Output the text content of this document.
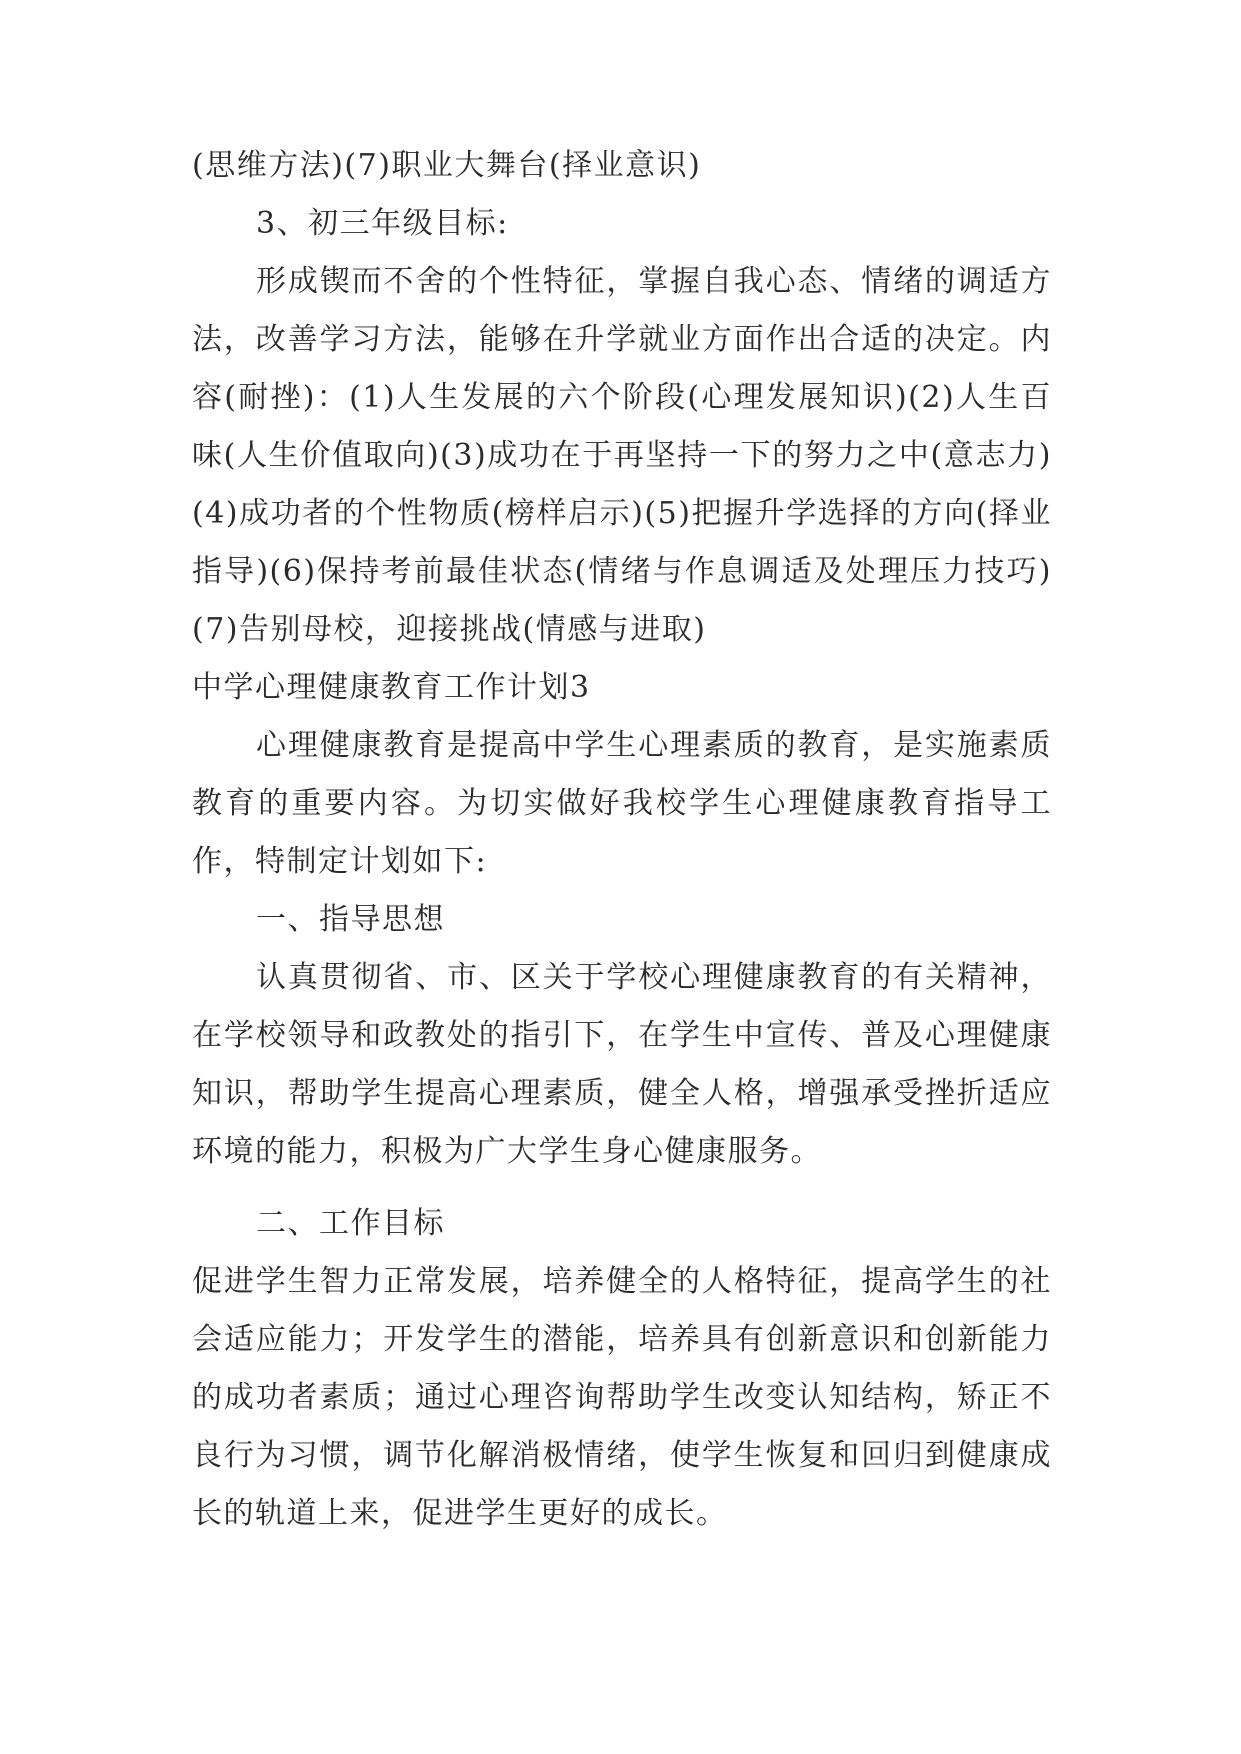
(思维方法)(7)职业大舞台(择业意识)

3、初三年级目标:

形成锲而不舍的个性特征，掌握自我心态、情绪的调适方法，改善学习方法，能够在升学就业方面作出合适的决定。内容(耐挫)：(1)人生发展的六个阶段(心理发展知识)(2)人生百味(人生价值取向)(3)成功在于再坚持一下的努力之中(意志力)(4)成功者的个性物质(榜样启示)(5)把握升学选择的方向(择业指导)(6)保持考前最佳状态(情绪与作息调适及处理压力技巧)(7)告别母校，迎接挑战(情感与进取)

中学心理健康教育工作计划3

心理健康教育是提高中学生心理素质的教育，是实施素质教育的重要内容。为切实做好我校学生心理健康教育指导工作，特制定计划如下:

一、指导思想

认真贯彻省、市、区关于学校心理健康教育的有关精神，在学校领导和政教处的指引下，在学生中宣传、普及心理健康知识，帮助学生提高心理素质，健全人格，增强承受挫折适应环境的能力，积极为广大学生身心健康服务。

二、工作目标

促进学生智力正常发展，培养健全的人格特征，提高学生的社会适应能力；开发学生的潜能，培养具有创新意识和创新能力的成功者素质；通过心理咨询帮助学生改变认知结构，矫正不良行为习惯，调节化解消极情绪，使学生恢复和回归到健康成长的轨道上来，促进学生更好的成长。
